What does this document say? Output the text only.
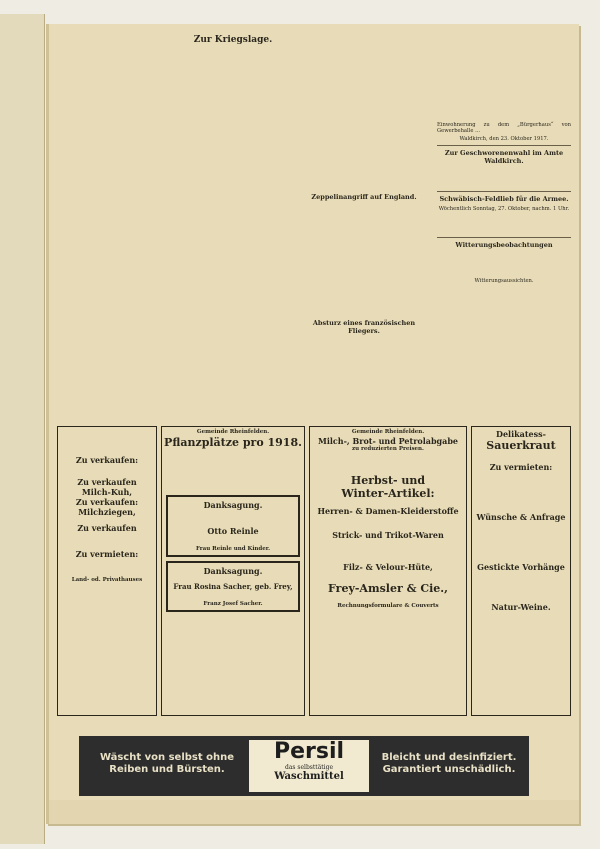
Zur Kriegslage.
Zeppelinangriff auf England.
Absturz eines französischen Fliegers.

Einwohnerung zu dem „Bürgerhaus“ von Gewerbehalle ...

Waldkirch, den 23. Oktober 1917.

Zur Geschworenenwahl im Amte Waldkirch.
Schwäbisch-Feldlieb für die Armee.

Wöchentlich Sonntag, 27. Oktober, nachm. 1 Uhr.

Witterungsbeobachtungen

Witterungsaussichten.

Zu verkaufen:
Zu verkaufen
Milch-Kuh,
Zu verkaufen:
Milchziegen,
Zu verkaufen
Zu vermieten:
Land- od. Privathauses
Gemeinde Rheinfelden.
Pflanzplätze pro 1918.
Danksagung.
Otto Reinle
Frau Reinle und Kinder.
Danksagung.
Frau Rosina Sacher, geb. Frey,
Franz Josef Sacher.
Gemeinde Rheinfelden.
Milch-, Brot- und Petrolabgabe
zu reduzierten Preisen.
Herbst- und
Winter-Artikel:
Herren- & Damen-Kleiderstoffe
Strick- und Trikot-Waren
Filz- & Velour-Hüte,
Frey-Amsler & Cie.,
Rechnungsformulare & Couverts
Delikatess-
Sauerkraut
Zu vermieten:
Wünsche & Anfrage
Gestickte Vorhänge
Natur-Weine.
Wäscht von selbst ohne Reiben und Bürsten.
Persil
das selbsttätige
Waschmittel
Bleicht und desinfiziert. Garantiert unschädlich.
